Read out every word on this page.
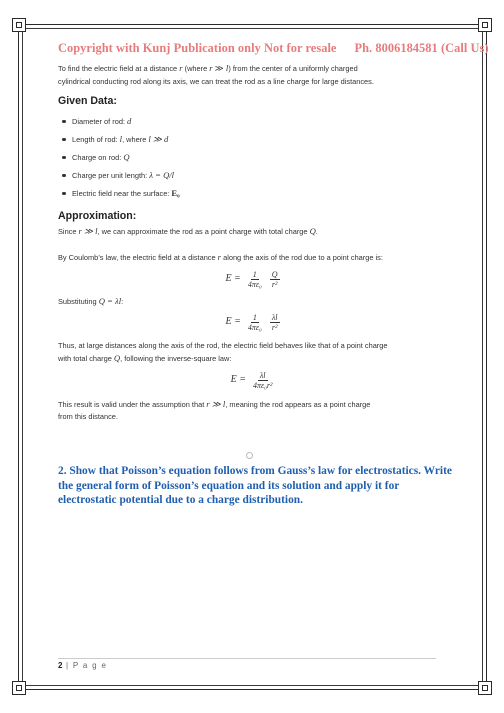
Copyright with Kunj Publication only Not for resale Ph. 8006184581 (Call Us)

To find the electric field at a distance r (where r ≫ l) from the center of a uniformly charged
cylindrical conducting rod along its axis, we can treat the rod as a line charge for large distances.

Given Data:

Diameter of rod: d
Length of rod: l, where l ≫ d
Charge on rod: Q
Charge per unit length: λ = Q/l
Electric field near the surface: E₀

Approximation:

Since r ≫ l, we can approximate the rod as a point charge with total charge Q.

By Coulomb’s law, the electric field at a distance r along the axis of the rod due to a point charge is:

$E = \frac{1}{\text{4πε₀}} \frac{Q}{\text{r²}}$

Substituting Q = λl:

$E = \frac{1}{\text{4πε₀}} \frac{\lambda l}{\text{r²}}$

Thus, at large distances along the axis of the rod, the electric field behaves like that of a point charge
with total charge Q, following the inverse-square law:

$E = \frac{\lambda l}{\text{4πε₀r²}}$

This result is valid under the assumption that r ≫ l, meaning the rod appears as a point charge
from this distance.

2. Show that Poisson’s equation follows from Gauss’s law for electrostatics. Write the general form of Poisson’s equation and its solution and apply it for electrostatic potential due to a charge distribution.
2 | P a g e
